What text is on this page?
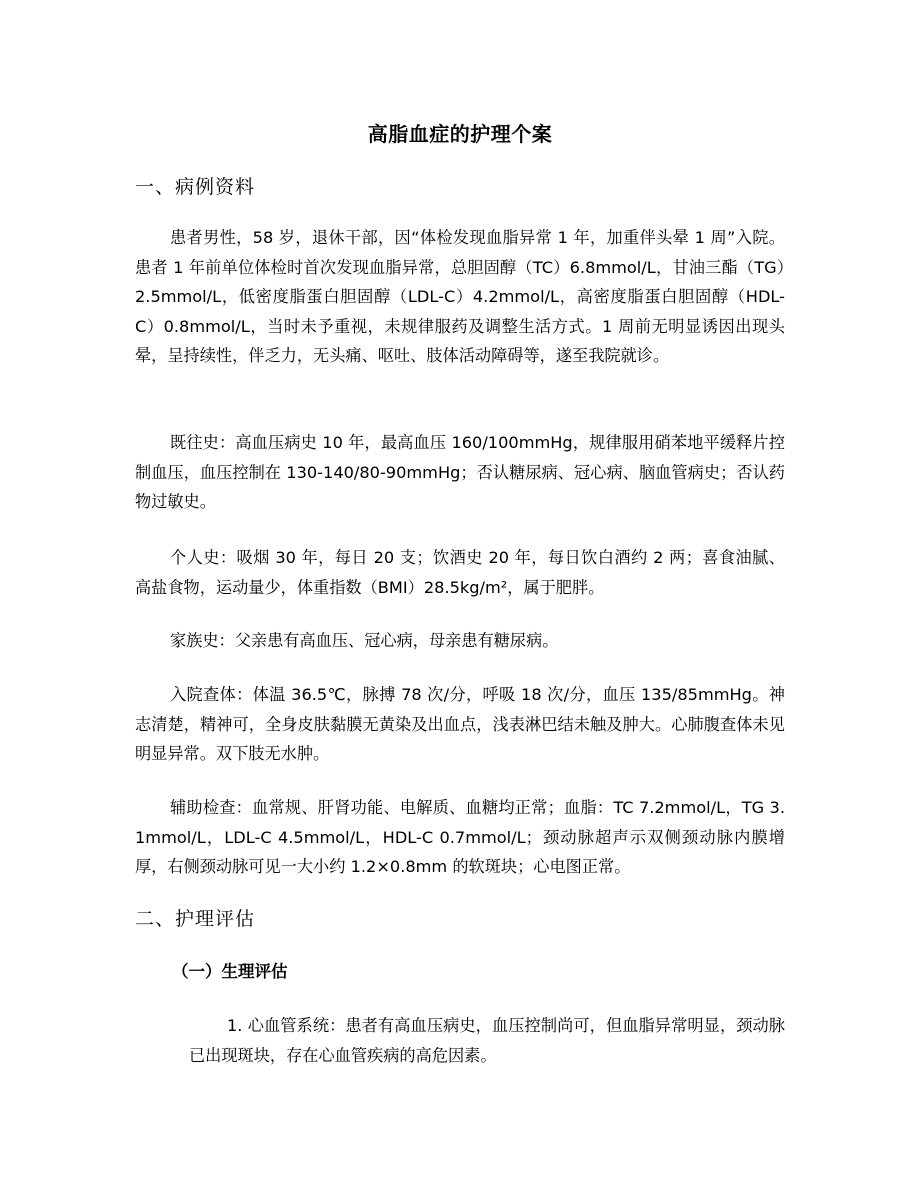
高脂血症的护理个案
一、病例资料
患者男性，58 岁，退休干部，因“体检发现血脂异常 1 年，加重伴头晕 1 周”入院。患者 1 年前单位体检时首次发现血脂异常，总胆固醇（TC）6.8mmol/L，甘油三酯（TG）2.5mmol/L，低密度脂蛋白胆固醇（LDL-C）4.2mmol/L，高密度脂蛋白胆固醇（HDL-C）0.8mmol/L，当时未予重视，未规律服药及调整生活方式。1 周前无明显诱因出现头晕，呈持续性，伴乏力，无头痛、呕吐、肢体活动障碍等，遂至我院就诊。
既往史：高血压病史 10 年，最高血压 160/100mmHg，规律服用硝苯地平缓释片控制血压，血压控制在 130-140/80-90mmHg；否认糖尿病、冠心病、脑血管病史；否认药物过敏史。
个人史：吸烟 30 年，每日 20 支；饮酒史 20 年，每日饮白酒约 2 两；喜食油腻、高盐食物，运动量少，体重指数（BMI）28.5kg/m²，属于肥胖。
家族史：父亲患有高血压、冠心病，母亲患有糖尿病。
入院查体：体温 36.5℃，脉搏 78 次/分，呼吸 18 次/分，血压 135/85mmHg。神志清楚，精神可，全身皮肤黏膜无黄染及出血点，浅表淋巴结未触及肿大。心肺腹查体未见明显异常。双下肢无水肿。
辅助检查：血常规、肝肾功能、电解质、血糖均正常；血脂：TC 7.2mmol/L，TG 3.1mmol/L，LDL-C 4.5mmol/L，HDL-C 0.7mmol/L；颈动脉超声示双侧颈动脉内膜增厚，右侧颈动脉可见一大小约 1.2×0.8mm 的软斑块；心电图正常。
二、护理评估
（一）生理评估
1. 心血管系统：患者有高血压病史，血压控制尚可，但血脂异常明显，颈动脉已出现斑块，存在心血管疾病的高危因素。
